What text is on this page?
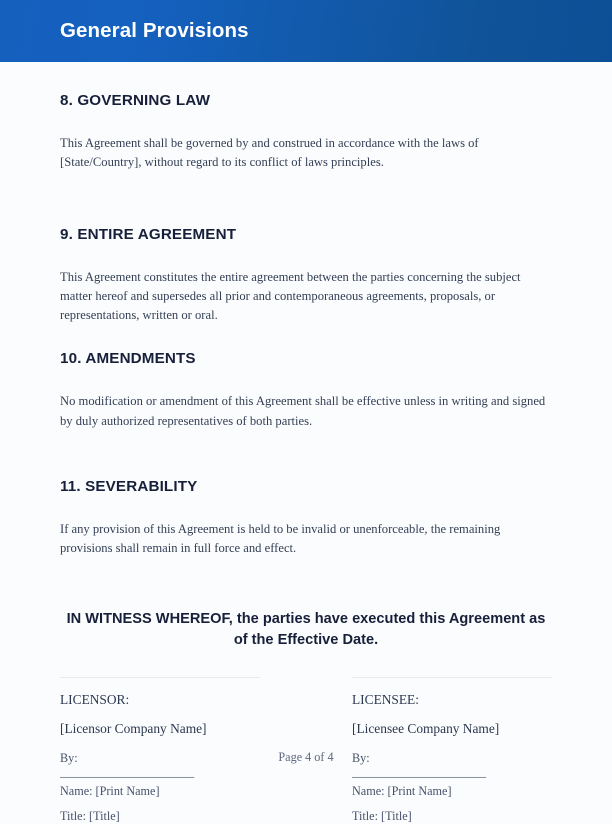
General Provisions
8. GOVERNING LAW

This Agreement shall be governed by and construed in accordance with the laws of [State/Country], without regard to its conflict of laws principles.

9. ENTIRE AGREEMENT

This Agreement constitutes the entire agreement between the parties concerning the subject matter hereof and supersedes all prior and contemporaneous agreements, proposals, or representations, written or oral.

10. AMENDMENTS

No modification or amendment of this Agreement shall be effective unless in writing and signed by duly authorized representatives of both parties.

11. SEVERABILITY

If any provision of this Agreement is held to be invalid or unenforceable, the remaining provisions shall remain in full force and effect.

IN WITNESS WHEREOF, the parties have executed this Agreement as of the Effective Date.

LICENSOR:

[Licensor Company Name]

By:

______________________

Name: [Print Name]

Title: [Title]

LICENSEE:

[Licensee Company Name]

By:

______________________

Name: [Print Name]

Title: [Title]

Page 4 of 4
